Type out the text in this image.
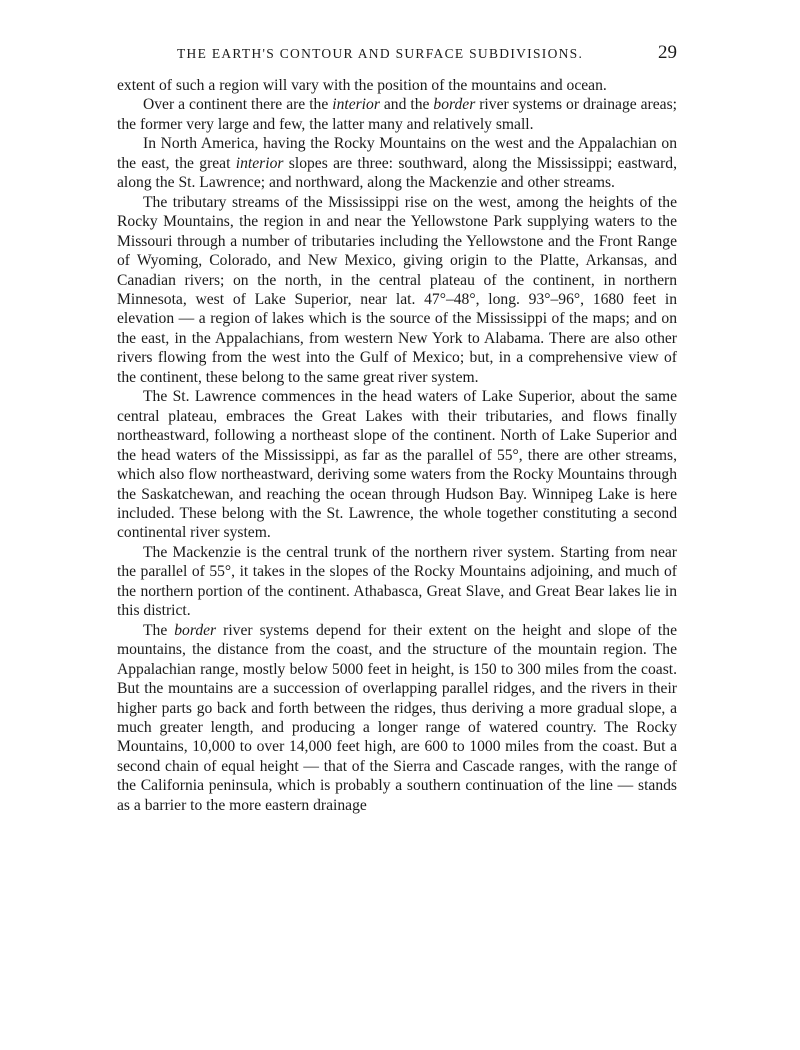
THE EARTH'S CONTOUR AND SURFACE SUBDIVISIONS.	29

extent of such a region will vary with the position of the mountains and ocean.

Over a continent there are the interior and the border river systems or drainage areas; the former very large and few, the latter many and relatively small.

In North America, having the Rocky Mountains on the west and the Appalachian on the east, the great interior slopes are three: southward, along the Mississippi; eastward, along the St. Lawrence; and northward, along the Mackenzie and other streams.

The tributary streams of the Mississippi rise on the west, among the heights of the Rocky Mountains, the region in and near the Yellowstone Park supplying waters to the Missouri through a number of tributaries including the Yellowstone and the Front Range of Wyoming, Colorado, and New Mexico, giving origin to the Platte, Arkansas, and Canadian rivers; on the north, in the central plateau of the continent, in northern Minnesota, west of Lake Superior, near lat. 47°–48°, long. 93°–96°, 1680 feet in elevation — a region of lakes which is the source of the Mississippi of the maps; and on the east, in the Appalachians, from western New York to Alabama. There are also other rivers flowing from the west into the Gulf of Mexico; but, in a comprehensive view of the continent, these belong to the same great river system.

The St. Lawrence commences in the head waters of Lake Superior, about the same central plateau, embraces the Great Lakes with their tributaries, and flows finally northeastward, following a northeast slope of the continent. North of Lake Superior and the head waters of the Mississippi, as far as the parallel of 55°, there are other streams, which also flow northeastward, deriving some waters from the Rocky Mountains through the Saskatchewan, and reaching the ocean through Hudson Bay. Winnipeg Lake is here included. These belong with the St. Lawrence, the whole together constituting a second continental river system.

The Mackenzie is the central trunk of the northern river system. Starting from near the parallel of 55°, it takes in the slopes of the Rocky Mountains adjoining, and much of the northern portion of the continent. Athabasca, Great Slave, and Great Bear lakes lie in this district.

The border river systems depend for their extent on the height and slope of the mountains, the distance from the coast, and the structure of the mountain region. The Appalachian range, mostly below 5000 feet in height, is 150 to 300 miles from the coast. But the mountains are a succession of overlapping parallel ridges, and the rivers in their higher parts go back and forth between the ridges, thus deriving a more gradual slope, a much greater length, and producing a longer range of watered country. The Rocky Mountains, 10,000 to over 14,000 feet high, are 600 to 1000 miles from the coast. But a second chain of equal height — that of the Sierra and Cascade ranges, with the range of the California peninsula, which is probably a southern continuation of the line — stands as a barrier to the more eastern drainage
